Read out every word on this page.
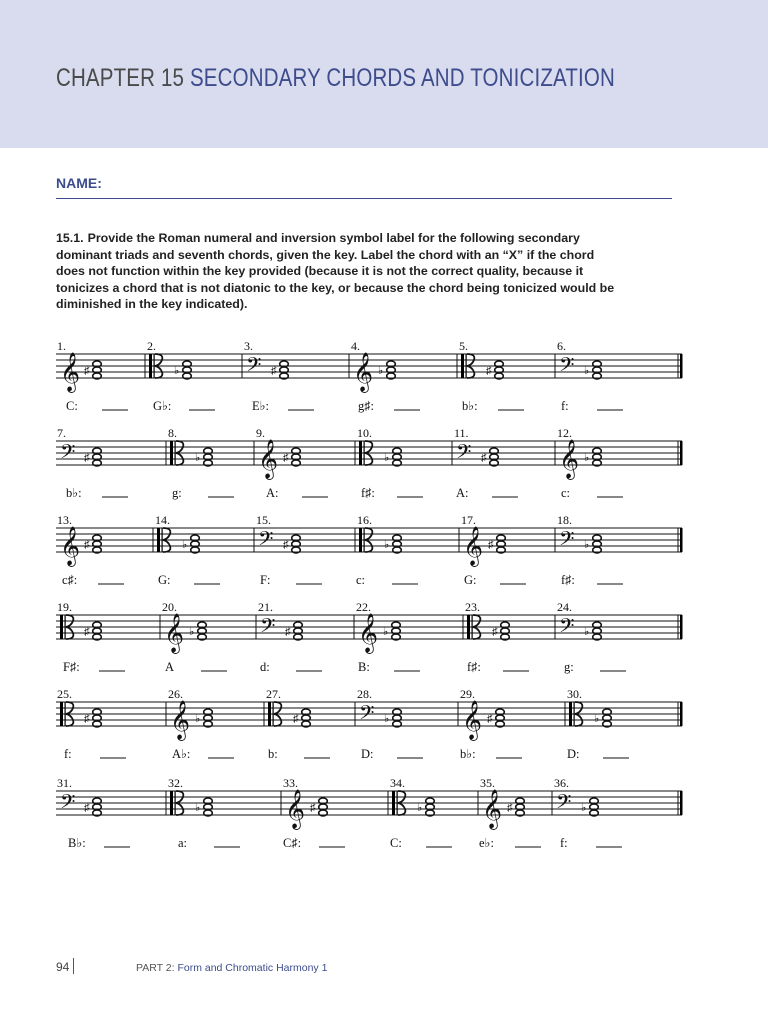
CHAPTER 15 SECONDARY CHORDS AND TONICIZATION
NAME:
15.1. Provide the Roman numeral and inversion symbol label for the following secondary dominant triads and seventh chords, given the key. Label the chord with an “X” if the chord does not function within the key provided (because it is not the correct quality, because it tonicizes a chord that is not diatonic to the key, or because the chord being tonicized would be diminished in the key indicated).
1.
𝄞 ♯
C:
2.
♭
G♭:
3.
𝄢 ♯
E♭:
4.
𝄞 ♭
g♯:
5.
♯
b♭:
6.
𝄢 ♭
f:
7.
𝄢 ♯
b♭:
8.
♭
g:
9.
𝄞 ♯
A:
10.
♭
f♯:
11.
𝄢 ♯
A:
12.
𝄞 ♭
c:
13.
𝄞 ♯
c♯:
14.
♭
G:
15.
𝄢 ♯
F:
16.
♭
c:
17.
𝄞 ♯
G:
18.
𝄢 ♭
f♯:
19.
♯
F♯:
20.
𝄞 ♭
A
21.
𝄢 ♯
d:
22.
𝄞 ♭
B:
23.
♯
f♯:
24.
𝄢 ♭
g:
25.
♯
f:
26.
𝄞 ♭
A♭:
27.
♯
b:
28.
𝄢 ♭
D:
29.
𝄞 ♯
b♭:
30.
♭
D:
31.
𝄢 ♯
B♭:
32.
♭
a:
33.
𝄞 ♯
C♯:
34.
♭
C:
35.
𝄞 ♯
e♭:
36.
𝄢 ♭
f:
94	PART 2: Form and Chromatic Harmony 1
